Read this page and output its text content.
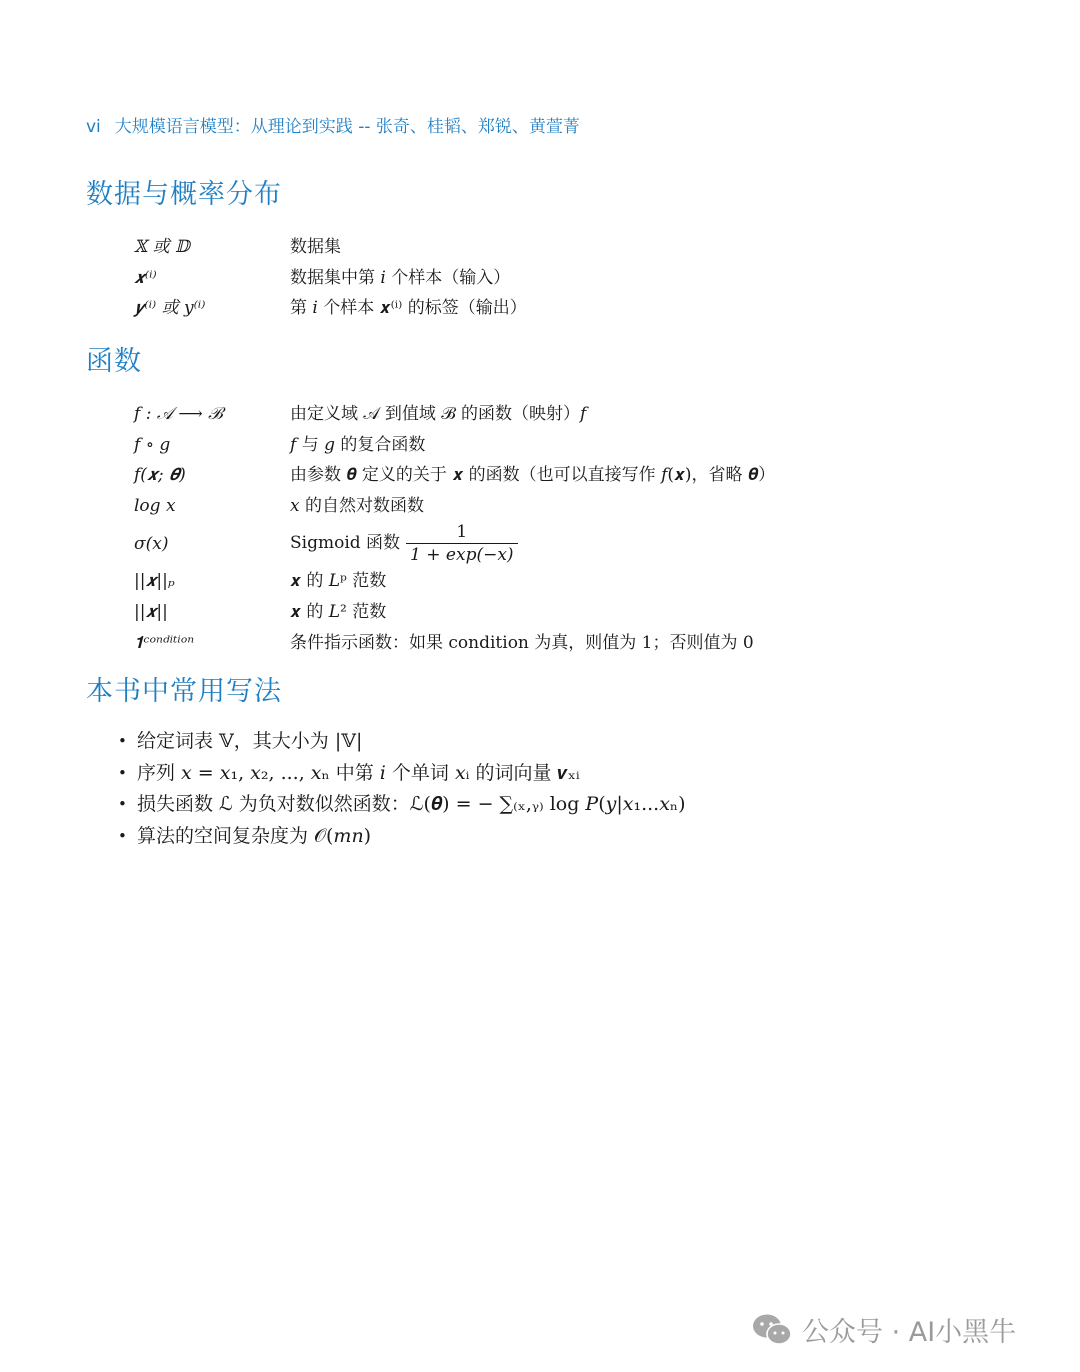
vi 大规模语言模型：从理论到实践 -- 张奇、桂韬、郑锐、黄萱菁
数据与概率分布
𝕏 或 𝔻	数据集
𝒙⁽ⁱ⁾	数据集中第 𝑖 个样本（输入）
𝒚⁽ⁱ⁾ 或 𝑦⁽ⁱ⁾	第 𝑖 个样本 𝒙⁽ⁱ⁾ 的标签（输出）
函数
𝑓 : 𝒜 ⟶ ℬ	由定义域 𝒜 到值域 ℬ 的函数（映射）𝑓
𝑓 ∘ 𝑔	𝑓 与 𝑔 的复合函数
𝑓(𝒙; 𝜽)	由参数 𝜽 定义的关于 𝒙 的函数（也可以直接写作 𝑓(𝒙)，省略 𝜽）
log 𝑥	𝑥 的自然对数函数
𝜎(𝑥)	Sigmoid 函数 $\frac{1}{\text{1 + 𝑒𝑥𝑝(−𝑥)}}$
||𝒙||ₚ	𝒙 的 𝐿ᵖ 范数
||𝒙||	𝒙 的 𝐿² 范数
𝟏ᶜᵒⁿᵈⁱᵗⁱᵒⁿ	条件指示函数：如果 condition 为真，则值为 1；否则值为 0
本书中常用写法
• 给定词表 𝕍，其大小为 |𝕍|
• 序列 𝑥 = 𝑥₁, 𝑥₂, ..., 𝑥ₙ 中第 𝑖 个单词 𝑥ᵢ 的词向量 𝒗ₓᵢ
• 损失函数 ℒ 为负对数似然函数：ℒ(𝜽) = − ∑₍ₓ,ᵧ₎ log 𝑃(𝑦|𝑥₁...𝑥ₙ)
• 算法的空间复杂度为 𝒪(𝑚𝑛)
公众号 · AI小黑牛
